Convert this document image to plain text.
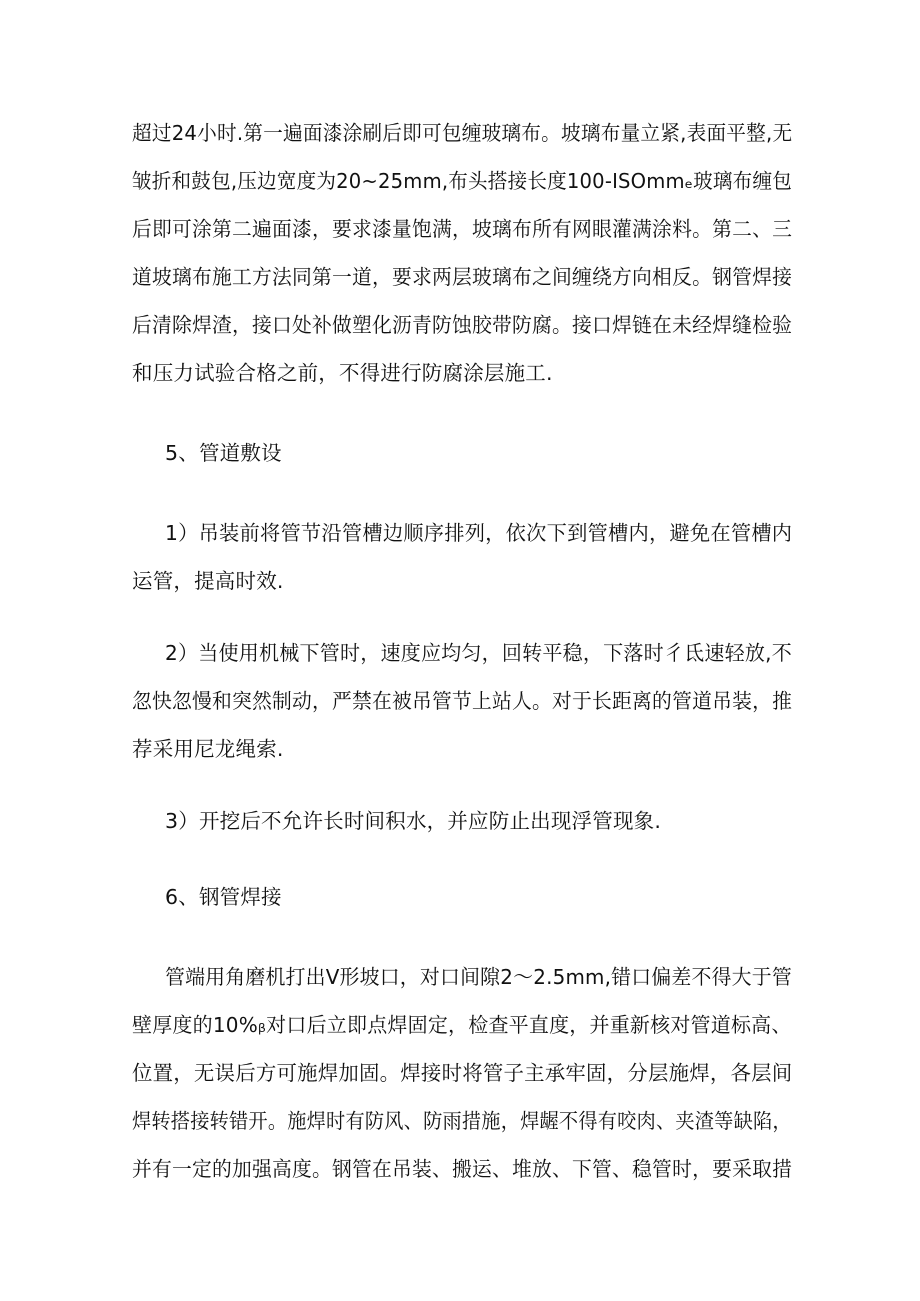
超过24小时.第一遍面漆涂刷后即可包缠玻璃布。坡璃布量立紧,表面平整,无
皱折和鼓包,压边宽度为20~25mm,布头搭接长度100-ISOmmₑ玻璃布缠包
后即可涂第二遍面漆，要求漆量饱满，坡璃布所有网眼灌满涂料。第二、三
道坡璃布施工方法同第一道，要求两层玻璃布之间缠绕方向相反。钢管焊接
后清除焊渣，接口处补做塑化沥青防蚀胶带防腐。接口焊链在未经焊缝检验
和压力试验合格之前，不得进行防腐涂层施工.
5、管道敷设
1）吊装前将管节沿管槽边顺序排列，依次下到管槽内，避免在管槽内
运管，提高时效.
2）当使用机械下管时，速度应均匀，回转平稳，下落时彳氐速轻放,不
忽快忽慢和突然制动，严禁在被吊管节上站人。对于长距离的管道吊装，推
荐采用尼龙绳索.
3）开挖后不允许长时间积水，并应防止出现浮管现象.
6、钢管焊接
管端用角磨机打出V形坡口，对口间隙2～2.5mm,错口偏差不得大于管
壁厚度的10%ᵦ对口后立即点焊固定，检查平直度，并重新核对管道标高、
位置，无误后方可施焊加固。焊接时将管子主承牢固，分层施焊，各层间
焊转搭接转错开。施焊时有防风、防雨措施，焊龌不得有咬肉、夹渣等缺陷，
并有一定的加强高度。钢管在吊装、搬运、堆放、下管、稳管时，要采取措
